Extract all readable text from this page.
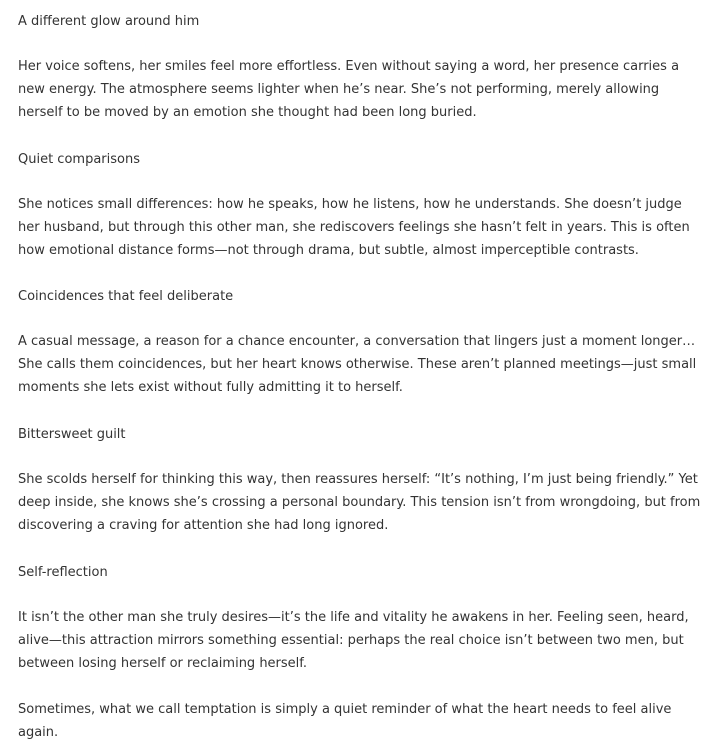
A different glow around him

Her voice softens, her smiles feel more effortless. Even without saying a word, her presence carries a new energy. The atmosphere seems lighter when he’s near. She’s not performing, merely allowing herself to be moved by an emotion she thought had been long buried.

Quiet comparisons

She notices small differences: how he speaks, how he listens, how he understands. She doesn’t judge her husband, but through this other man, she rediscovers feelings she hasn’t felt in years. This is often how emotional distance forms—not through drama, but subtle, almost imperceptible contrasts.

Coincidences that feel deliberate

A casual message, a reason for a chance encounter, a conversation that lingers just a moment longer… She calls them coincidences, but her heart knows otherwise. These aren’t planned meetings—just small moments she lets exist without fully admitting it to herself.

Bittersweet guilt

She scolds herself for thinking this way, then reassures herself: “It’s nothing, I’m just being friendly.” Yet deep inside, she knows she’s crossing a personal boundary. This tension isn’t from wrongdoing, but from discovering a craving for attention she had long ignored.

Self-reflection

It isn’t the other man she truly desires—it’s the life and vitality he awakens in her. Feeling seen, heard, alive—this attraction mirrors something essential: perhaps the real choice isn’t between two men, but between losing herself or reclaiming herself.

Sometimes, what we call temptation is simply a quiet reminder of what the heart needs to feel alive again.
